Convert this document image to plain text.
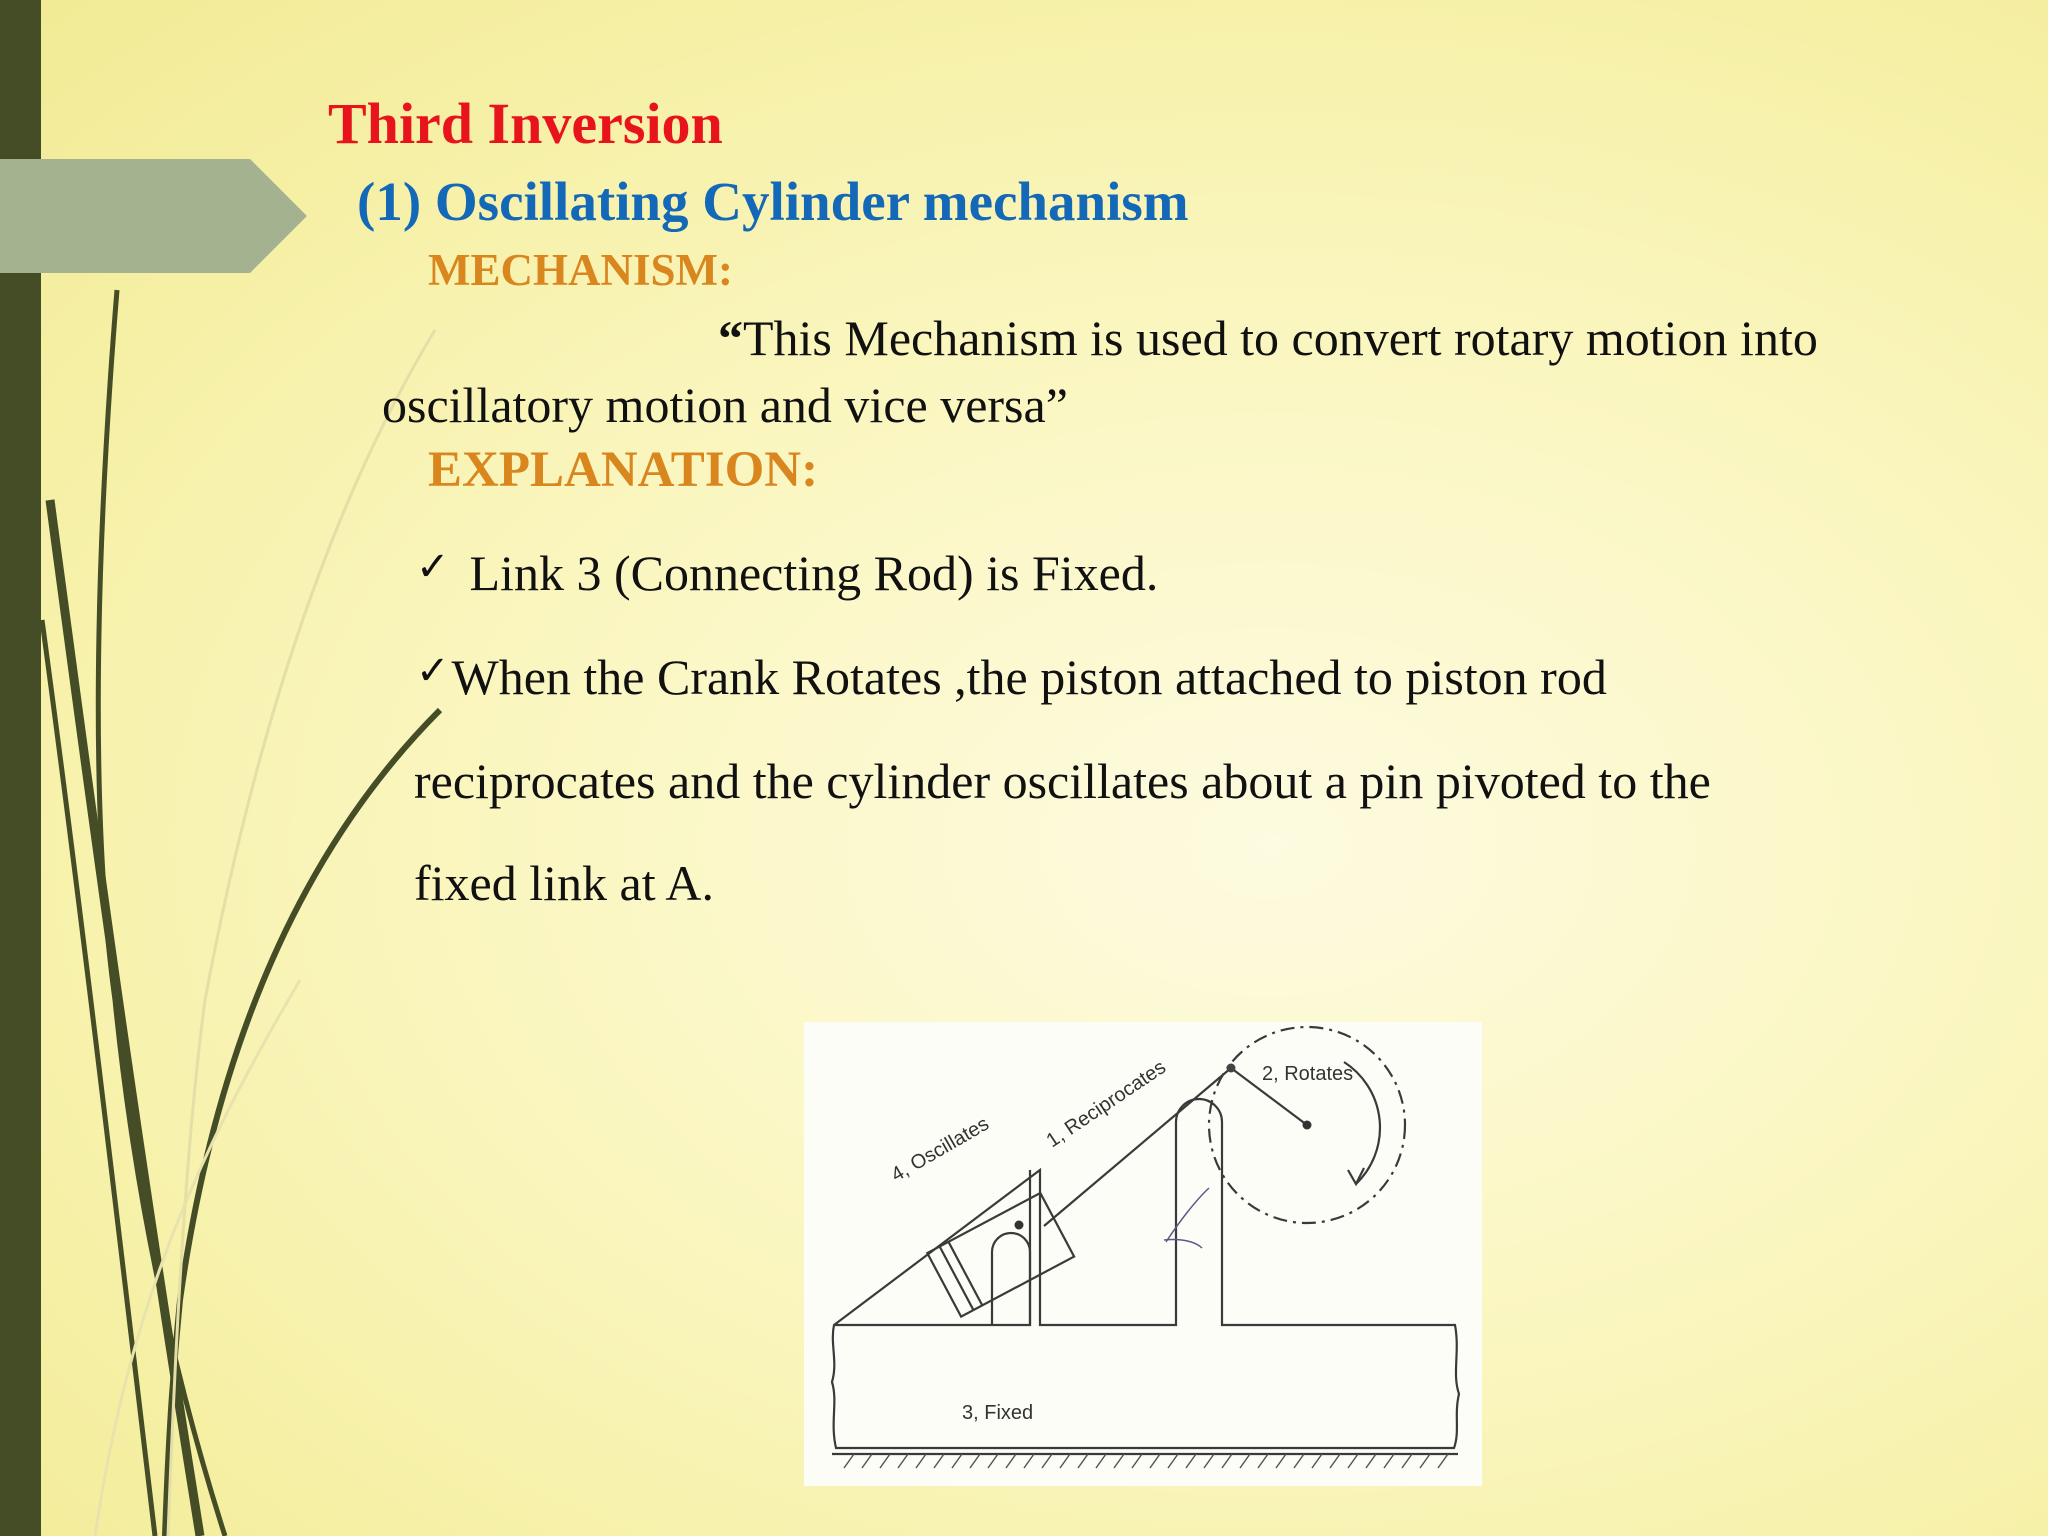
Third Inversion
(1) Oscillating Cylinder mechanism
MECHANISM:
“This Mechanism is used to convert rotary motion into
oscillatory motion and vice versa”
EXPLANATION:
✓ Link 3 (Connecting Rod) is Fixed.
✓When the Crank Rotates ,the piston attached to piston rod
reciprocates and the cylinder oscillates about a pin pivoted to the
fixed link at A.
4, Oscillates 1, Reciprocates	2, Rotates
3, Fixed
